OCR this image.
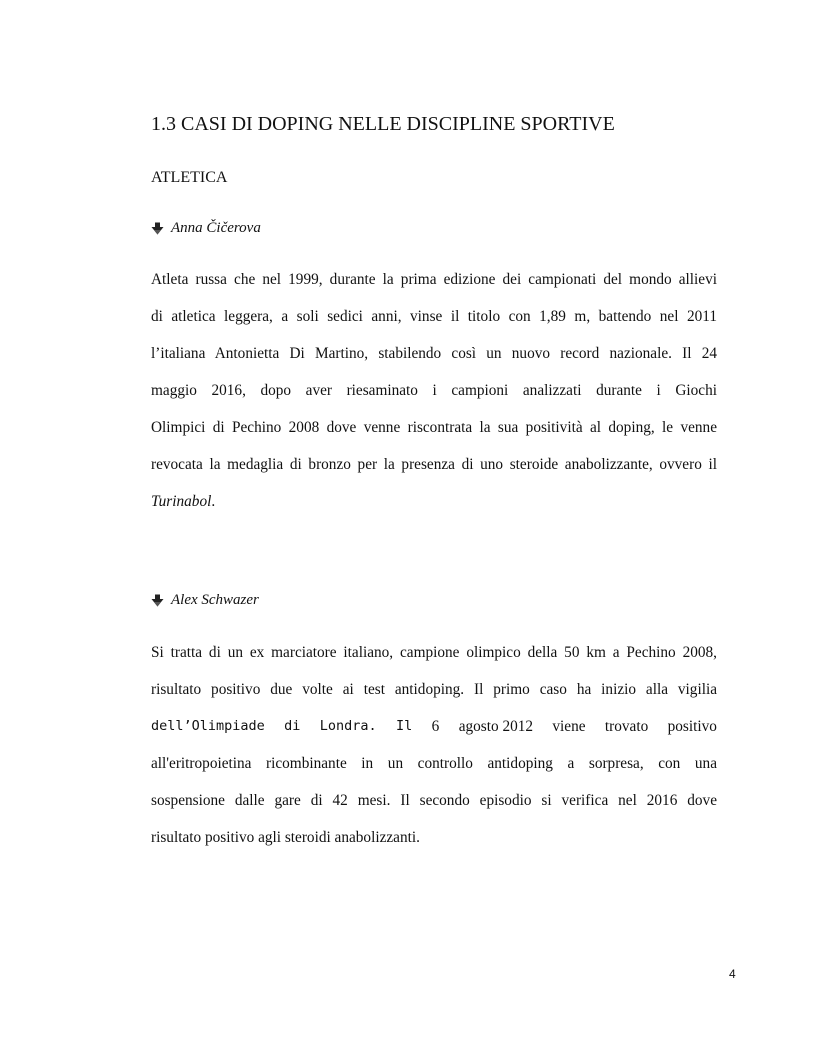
1.3 CASI DI DOPING NELLE DISCIPLINE SPORTIVE
ATLETICA
Anna Čičerova
Atleta russa che nel 1999, durante la prima edizione dei campionati del mondo allievi
di atletica leggera, a soli sedici anni, vinse il titolo con 1,89 m, battendo nel 2011
l’italiana Antonietta Di Martino, stabilendo così un nuovo record nazionale. Il 24
maggio 2016, dopo aver riesaminato i campioni analizzati durante i Giochi
Olimpici di Pechino 2008 dove venne riscontrata la sua positività al doping, le venne
revocata la medaglia di bronzo per la presenza di uno steroide anabolizzante, ovvero il
Turinabol.
Alex Schwazer
Si tratta di un ex marciatore italiano, campione olimpico della 50 km a Pechino 2008,
risultato positivo due volte ai test antidoping. Il primo caso ha inizio alla vigilia
dell’Olimpiade di Londra. Il 6 agosto 2012 viene trovato positivo
all'eritropoietina ricombinante in un controllo antidoping a sorpresa, con una
sospensione dalle gare di 42 mesi. Il secondo episodio si verifica nel 2016 dove
risultato positivo agli steroidi anabolizzanti.
4
